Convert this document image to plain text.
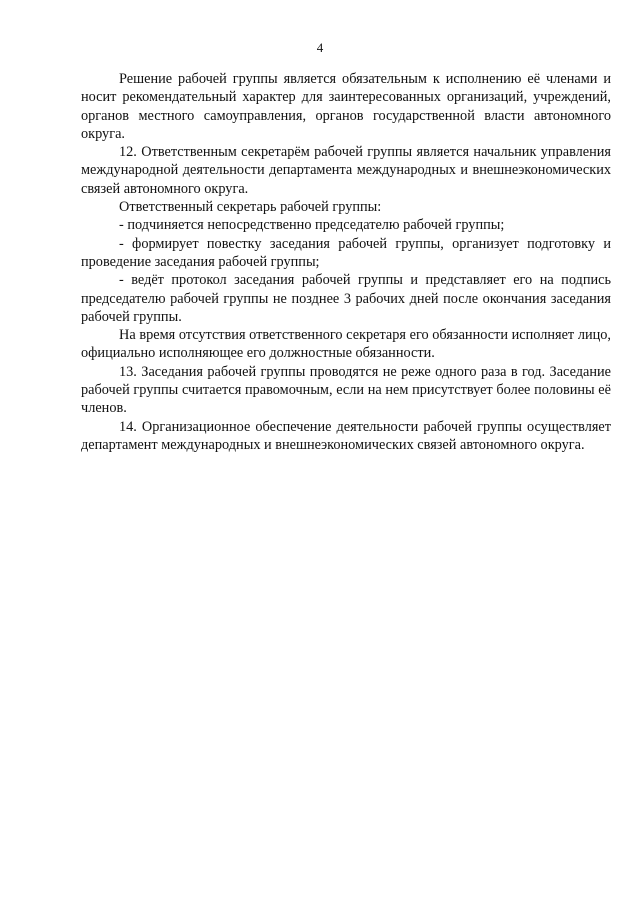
4

Решение рабочей группы является обязательным к исполнению её членами и носит рекомендательный характер для заинтересованных организаций, учреждений, органов местного самоуправления, органов государственной власти автономного округа.

12. Ответственным секретарём рабочей группы является начальник управления международной деятельности департамента международных и внешнеэкономических связей автономного округа.

Ответственный секретарь рабочей группы:

- подчиняется непосредственно председателю рабочей группы;

- формирует повестку заседания рабочей группы, организует подготовку и проведение заседания рабочей группы;

- ведёт протокол заседания рабочей группы и представляет его на подпись председателю рабочей группы не позднее 3 рабочих дней после окончания заседания рабочей группы.

На время отсутствия ответственного секретаря его обязанности исполняет лицо, официально исполняющее его должностные обязанности.

13. Заседания рабочей группы проводятся не реже одного раза в год. Заседание рабочей группы считается правомочным, если на нем присутствует более половины её членов.

14. Организационное обеспечение деятельности рабочей группы осуществляет департамент международных и внешнеэкономических связей автономного округа.
